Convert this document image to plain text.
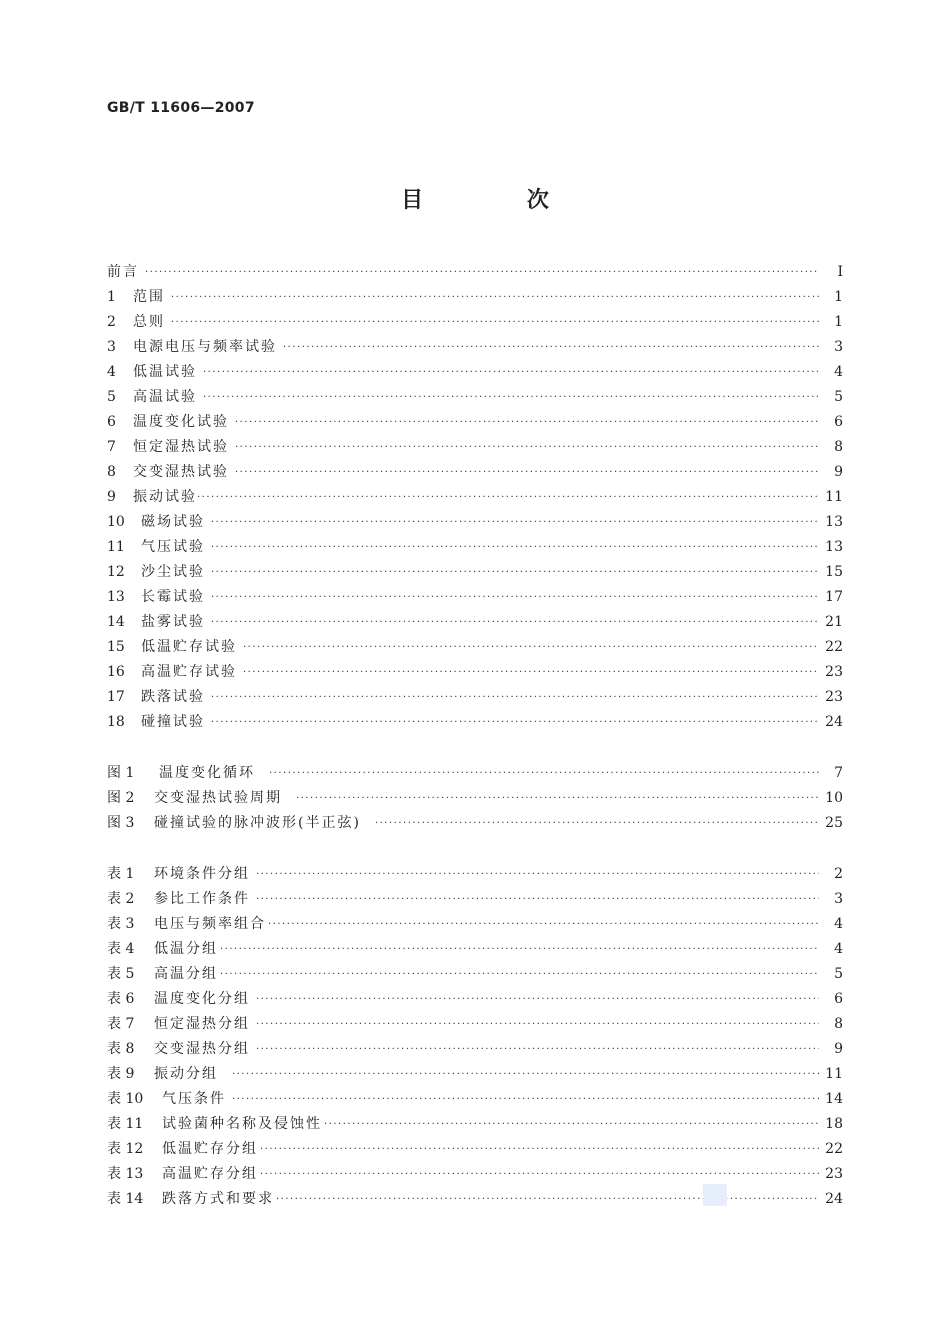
GB/T 11606—2007
目 次
前言 ·····	I
1	范围 ·····	1
2	总则 ·····	1
3	电源电压与频率试验 ·····	3
4	低温试验 ·····	4
5	高温试验 ·····	5
6	温度变化试验 ·····	6
7	恒定湿热试验 ·····	8
8	交变湿热试验 ·····	9
9	振动试验 ·····	11
10	磁场试验 ·····	13
11	气压试验 ·····	13
12	沙尘试验 ·····	15
13	长霉试验 ·····	17
14	盐雾试验 ·····	21
15	低温贮存试验 ·····	22
16	高温贮存试验 ·····	23
17	跌落试验 ·····	23
18	碰撞试验 ·····	24
图 1	温度变化循环 ·····	7
图 2	交变湿热试验周期 ·····	10
图 3	碰撞试验的脉冲波形(半正弦) ·····	25
表 1	环境条件分组 ·····	2
表 2	参比工作条件 ·····	3
表 3	电压与频率组合 ·····	4
表 4	低温分组 ·····	4
表 5	高温分组 ·····	5
表 6	温度变化分组 ·····	6
表 7	恒定湿热分组 ·····	8
表 8	交变湿热分组 ·····	9
表 9	振动分组 ·····	11
表 10	气压条件 ·····	14
表 11	试验菌种名称及侵蚀性 ·····	18
表 12	低温贮存分组 ·····	22
表 13	高温贮存分组 ·····	23
表 14	跌落方式和要求 ·····	24
